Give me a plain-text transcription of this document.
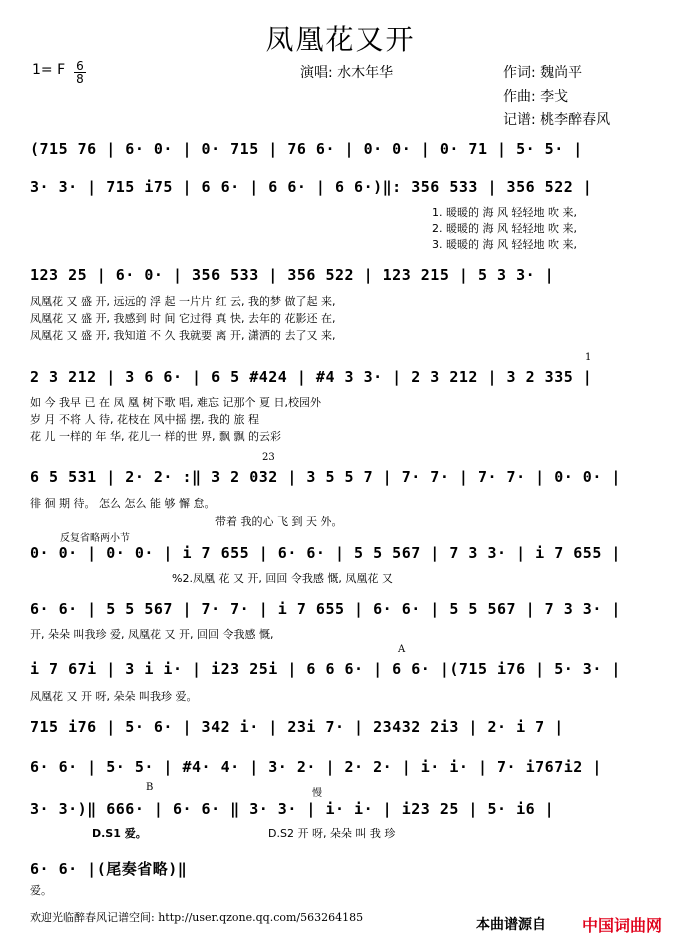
凤凰花又开
1= F $\frac{6}{8}$	演唱: 水木年华	作词: 魏尚平
作曲: 李戈
记谱: 桃李醉春风
(715 76 | 6· 0· | 0· 715 | 76 6· | 0· 0· | 0· 71 | 5· 5· |
3· 3· | 715 i75 | 6 6· | 6 6· | 6 6·)‖: 356 533 | 356 522 |
1. 暖暖的 海 风 轻轻地 吹 来,
2. 暖暖的 海 风 轻轻地 吹 来,
3. 暖暖的 海 风 轻轻地 吹 来,
123 25 | 6· 0· | 356 533 | 356 522 | 123 215 | 5 3 3· |
凤凰花 又 盛 开, 远远的 浮 起 一片片 红 云, 我的梦 做了起 来,
凤凰花 又 盛 开, 我感到 时 间 它过得 真 快, 去年的 花影还 在,
凤凰花 又 盛 开, 我知道 不 久 我就要 离 开, 潇洒的 去了又 来,
1
2 3 212 | 3 6 6· | 6 5 #424 | #4 3 3· | 2 3 212 | 3 2 335 |
如 今 我早 已 在 凤 凰 树下歌 唱, 难忘 记那个 夏 日,校园外
岁 月 不将 人 待, 花枝在 风中摇 摆, 我的 旅 程
花 儿 一样的 年 华, 花儿一 样的世 界, 飘 飘 的云彩
23
6 5 531 | 2· 2· :‖ 3 2 032 | 3 5 5 7 | 7· 7· | 7· 7· | 0· 0· |
徘 徊 期 待。 怎么 怎么 能 够 懈 怠。
带着 我的心 飞 到 天 外。
反复省略两小节
0· 0· | 0· 0· | i 7 655 | 6· 6· | 5 5 567 | 7 3 3· | i 7 655 |
%2.凤凰 花 又 开, 回回 令我感 慨, 凤凰花 又
6· 6· | 5 5 567 | 7· 7· | i 7 655 | 6· 6· | 5 5 567 | 7 3 3· |
开, 朵朵 叫我珍 爱, 凤凰花 又 开, 回回 令我感 慨,
A
i 7 67i | 3 i i· | i23 25i | 6 6 6· | 6 6· |(715 i76 | 5· 3· |
凤凰花 又 开 呀, 朵朵 叫我珍 爱。
715 i76 | 5· 6· | 342 i· | 23i 7· | 23432 2i3 | 2· i 7 |
6· 6· | 5· 5· | #4· 4· | 3· 2· | 2· 2· | i· i· | 7· i767i2 |
B
慢
3· 3·)‖ 666· | 6· 6· ‖ 3· 3· | i· i· | i23 25 | 5· i6 |
D.S1 爱。	D.S2 开 呀, 朵朵 叫 我 珍
6· 6· |(尾奏省略)‖
爱。
欢迎光临醉春风记谱空间: http://user.qzone.qq.com/563264185	本曲谱源自 中国词曲网
